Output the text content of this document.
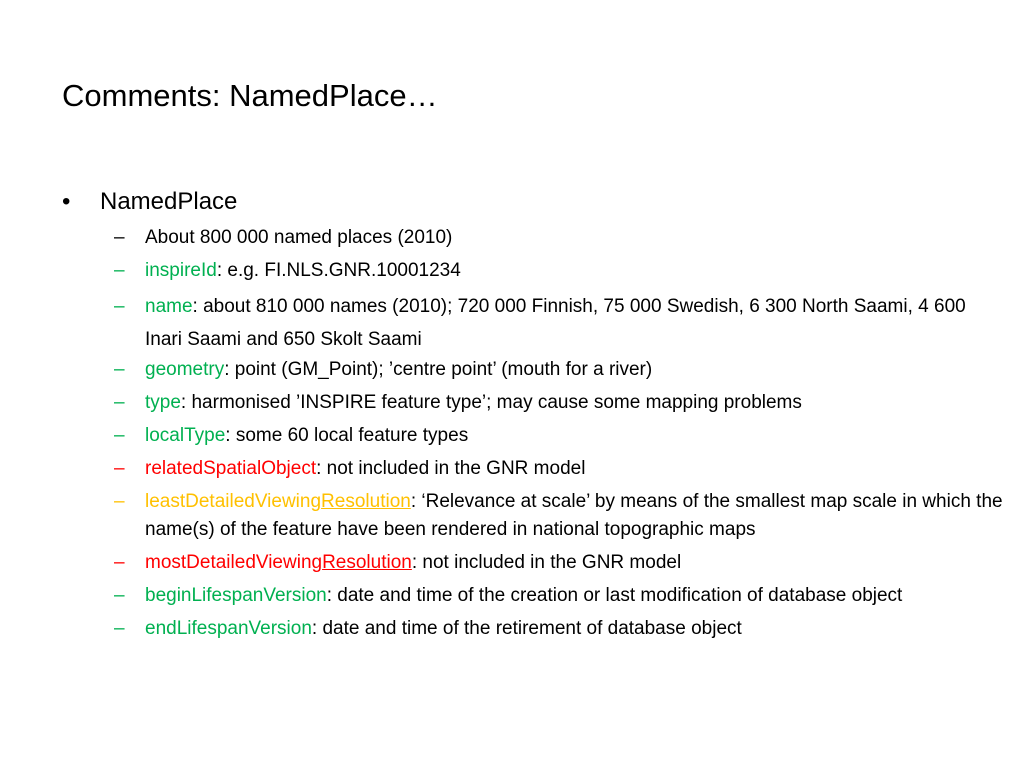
Comments: NamedPlace…
• NamedPlace
– About 800 000 named places (2010)
– inspireId: e.g. FI.NLS.GNR.10001234
– name: about 810 000 names (2010); 720 000 Finnish, 75 000 Swedish, 6 300 North Saami, 4 600 Inari Saami and 650 Skolt Saami
– geometry: point (GM_Point); ’centre point’ (mouth for a river)
– type: harmonised ’INSPIRE feature type’; may cause some mapping problems
– localType: some 60 local feature types
– relatedSpatialObject: not included in the GNR model
– leastDetailedViewingResolution: ‘Relevance at scale’ by means of the smallest map scale in which the name(s) of the feature have been rendered in national topographic maps
– mostDetailedViewingResolution: not included in the GNR model
– beginLifespanVersion: date and time of the creation or last modification of database object
– endLifespanVersion: date and time of the retirement of database object
